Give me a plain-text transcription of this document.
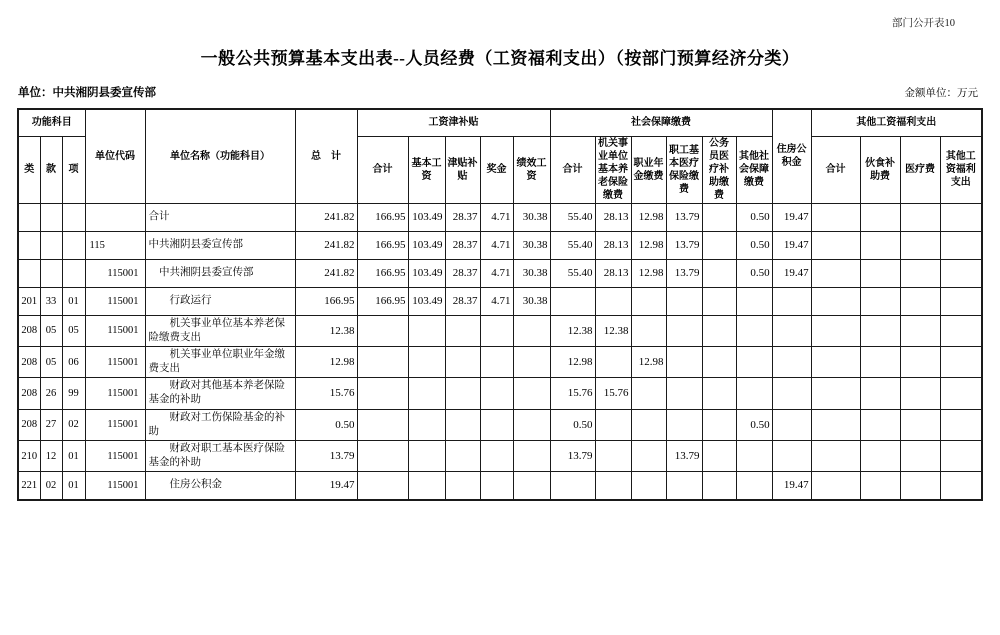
部门公开表10
一般公共预算基本支出表--人员经费（工资福利支出）（按部门预算经济分类）
单位：中共湘阴县委宣传部	金额单位：万元
功能科目			单位代码	单位名称（功能科目）	总　计	工资津补贴					社会保障缴费						住房公积金	其他工资福利支出			
类	款	项				合计	基本工资	津贴补贴	奖金	绩效工资	合计	机关事业单位基本养老保险缴费	职业年金缴费	职工基本医疗保险缴费	公务员医疗补助缴费	其他社会保障缴费		合计	伙食补助费	医疗费	其他工资福利支出
				合计	241.82	166.95	103.49	28.37	4.71	30.38	55.40	28.13	12.98	13.79		0.50	19.47				
			115	中共湘阴县委宣传部	241.82	166.95	103.49	28.37	4.71	30.38	55.40	28.13	12.98	13.79		0.50	19.47				
			115001	中共湘阴县委宣传部	241.82	166.95	103.49	28.37	4.71	30.38	55.40	28.13	12.98	13.79		0.50	19.47				
201	33	01	115001	行政运行	166.95	166.95	103.49	28.37	4.71	30.38											
208	05	05	115001	机关事业单位基本养老保险缴费支出	12.38						12.38	12.38									
208	05	06	115001	机关事业单位职业年金缴费支出	12.98						12.98		12.98								
208	26	99	115001	财政对其他基本养老保险基金的补助	15.76						15.76	15.76									
208	27	02	115001	财政对工伤保险基金的补助	0.50						0.50					0.50					
210	12	01	115001	财政对职工基本医疗保险基金的补助	13.79						13.79			13.79							
221	02	01	115001	住房公积金	19.47												19.47				
